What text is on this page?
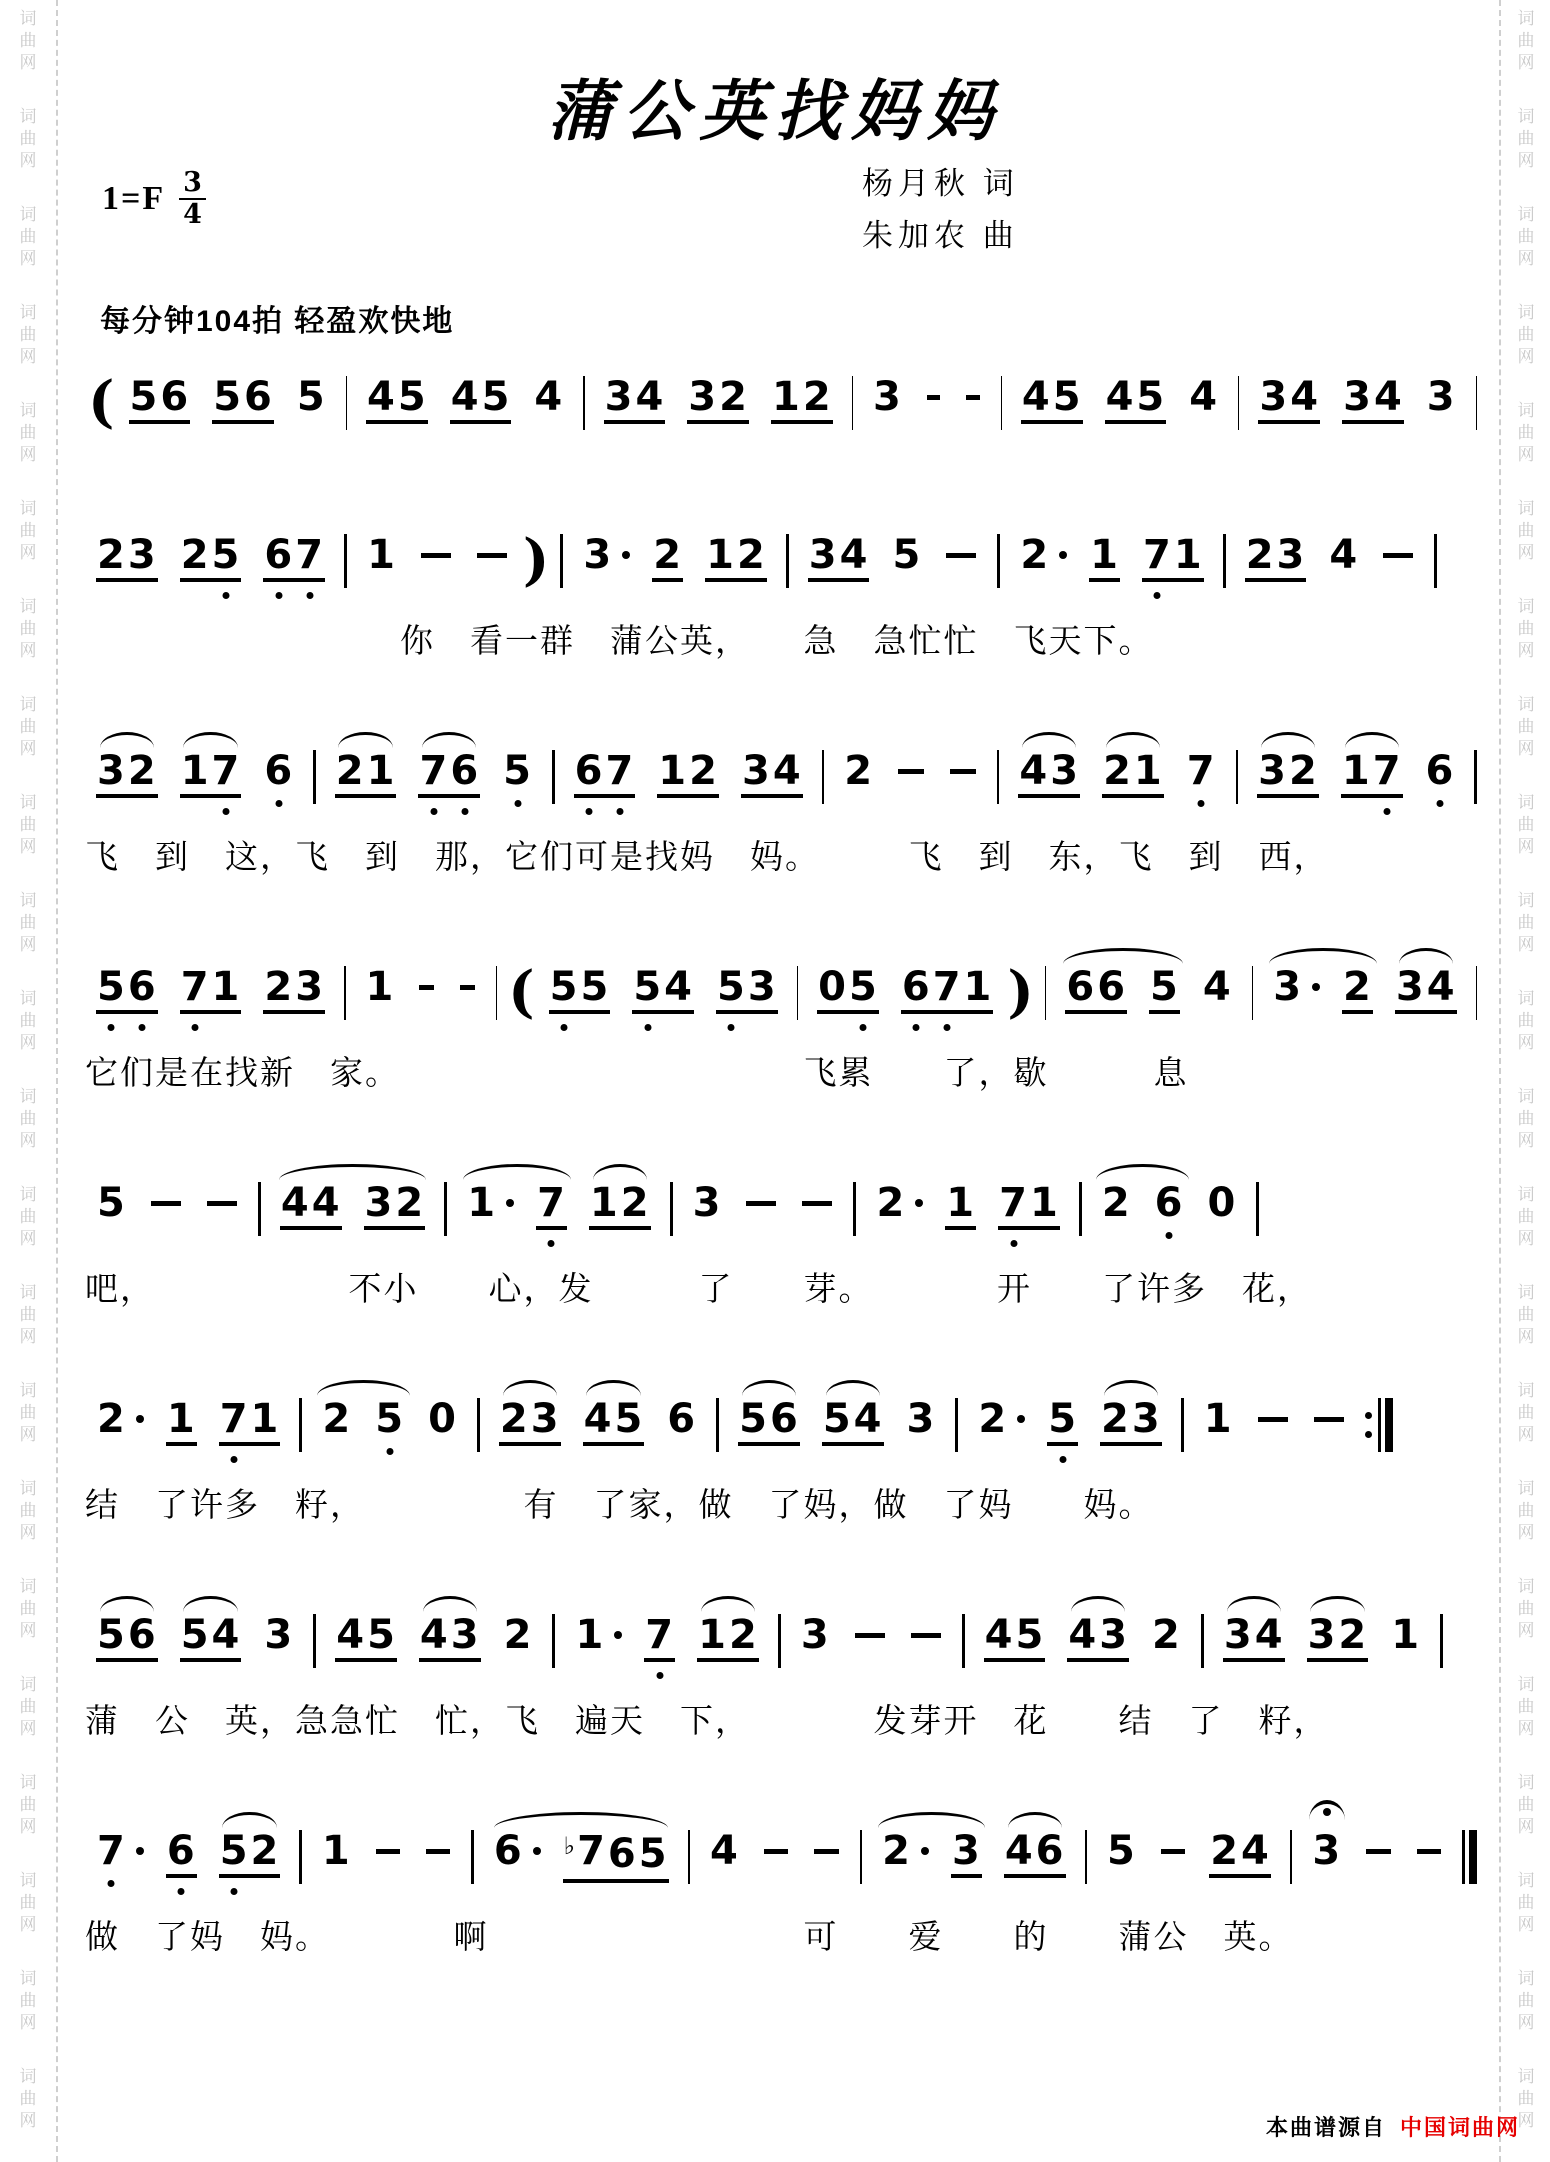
词
曲
网
词
曲
网
词
曲
网
词
曲
网
词
曲
网
词
曲
网
词
曲
网
词
曲
网
词
曲
网
词
曲
网
词
曲
网
词
曲
网
词
曲
网
词
曲
网
词
曲
网
词
曲
网
词
曲
网
词
曲
网
词
曲
网
词
曲
网
词
曲
网
词
曲
网
词
曲
网
词
曲
网
词
曲
网
词
曲
网
词
曲
网
词
曲
网
词
曲
网
词
曲
网
词
曲
网
词
曲
网
词
曲
网
词
曲
网
词
曲
网
词
曲
网
词
曲
网
词
曲
网
词
曲
网
词
曲
网
词
曲
网
词
曲
网
词
曲
网
词
曲
网
蒲公英找妈妈
杨月秋 词
朱加农 曲
$1=F \frac{3}{4}$
每分钟104拍 轻盈欢快地
( 5 6 5 6 5 4 5 4 5 4 3 4 3 2 1 2 3	4 5 4 5 4 3 4 3 4 3
2 3 2 5 6 7 1 ) 3 2 1 2 3 4 5 2 1 7 1 2 3 4
　　　　　　　　　你　看一群　蒲公英，　　急　急忙忙　飞天下。
3 2 1 7 6 2 1 7 6 5 6 7 1 2 3 4 2	4 3 2 1 7 3 2 1 7 6
飞　到　这，飞　到　那，它们可是找妈　妈。　　　飞　到　东，飞　到　西，
5 6 7 1 2 3 1 ( 5 5 5 4 5 3 0 5 6 7 1 ) 6 6 5 4 3 2 3 4
它们是在找新　家。　　　　　　　　　　　　飞累　　了，歇　　　息
5	4 4 3 2 1 7 1 2 3	2 1 7 1 2 6 0
吧，　　　　　　不小　　心，发　　　了　　芽。　　　　开　　了许多　花，
2 1 7 1 2 5 0 2 3 4 5 6 5 6 5 4 3 2 5 2 3 1
结　了许多　籽，　　　　　有　了家，做　了妈，做　了妈　　妈。
5 6 5 4 3 4 5 4 3 2 1 7 1 2 3	4 5 4 3 2 3 4 3 2 1
蒲　公　英，急急忙　忙，飞　遍天　下，　　　　发芽开　花　　结　了　籽，
7 6 5 2 1	6 ♭7 6 5 4	2 3 4 6 5 2 4 3
做　了妈　妈。　　　　啊　　　　　　　　　可　　爱　　的　　蒲公　英。
本曲谱源自 中国词曲网
